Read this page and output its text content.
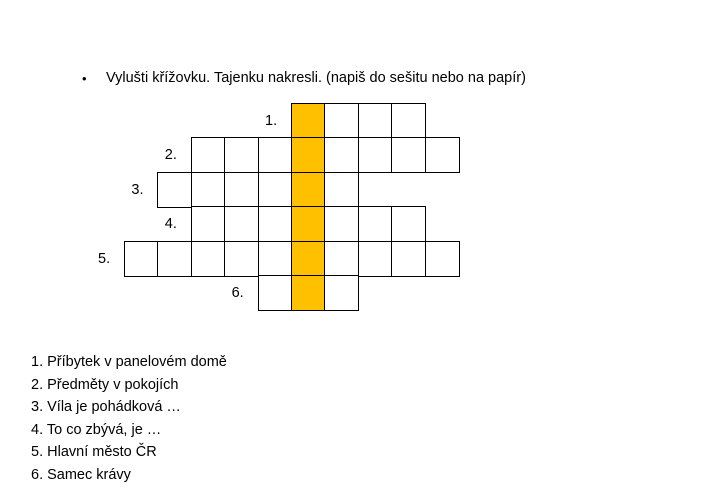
•	Vylušti křížovku. Tajenku nakresli. (napiš do sešitu nebo na papír)
1.
2.
3.
4.
5.
6.
1. Příbytek v panelovém domě
2. Předměty v pokojích
3. Víla je pohádková …
4. To co zbývá, je …
5. Hlavní město ČR
6. Samec krávy
